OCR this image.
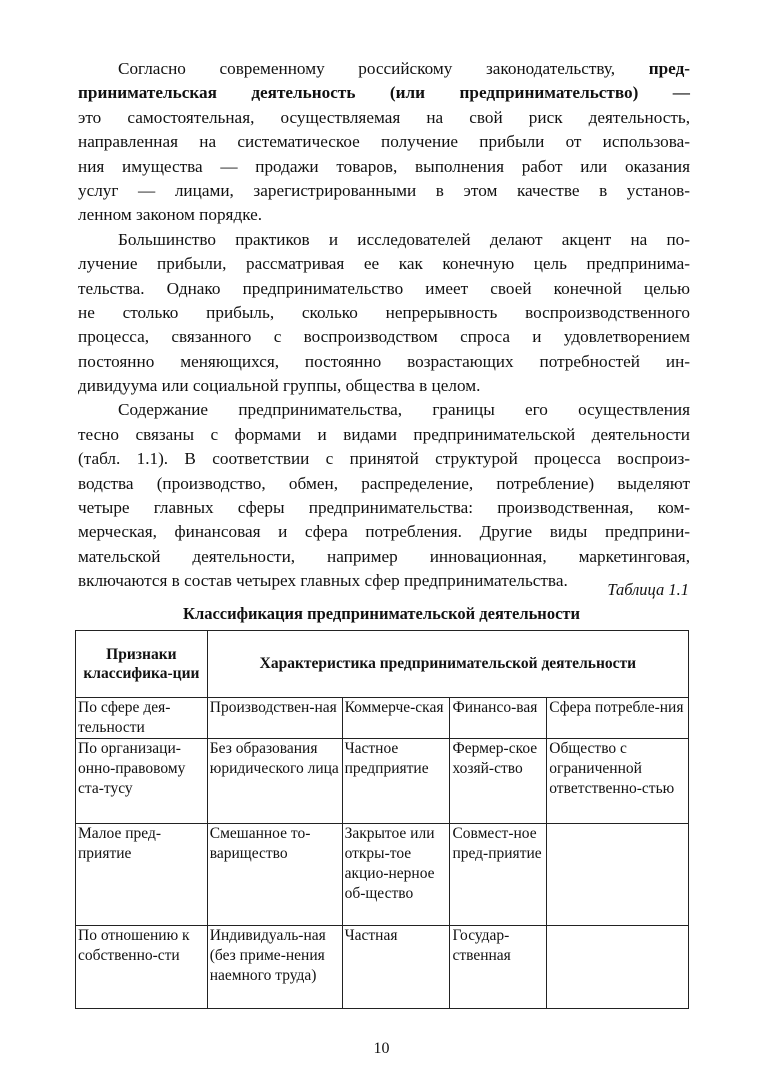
Согласно современному российскому законодательству, пред-
принимательская деятельность (или предпринимательство) —
это самостоятельная, осуществляемая на свой риск деятельность,
направленная на систематическое получение прибыли от использова-
ния имущества — продажи товаров, выполнения работ или оказания
услуг — лицами, зарегистрированными в этом качестве в установ-
ленном законом порядке.
Большинство практиков и исследователей делают акцент на по-
лучение прибыли, рассматривая ее как конечную цель предпринима-
тельства. Однако предпринимательство имеет своей конечной целью
не столько прибыль, сколько непрерывность воспроизводственного
процесса, связанного с воспроизводством спроса и удовлетворением
постоянно меняющихся, постоянно возрастающих потребностей ин-
дивидуума или социальной группы, общества в целом.
Содержание предпринимательства, границы его осуществления
тесно связаны с формами и видами предпринимательской деятельности
(табл. 1.1). В соответствии с принятой структурой процесса воспроиз-
водства (производство, обмен, распределение, потребление) выделяют
четыре главных сферы предпринимательства: производственная, ком-
мерческая, финансовая и сфера потребления. Другие виды предприни-
мательской деятельности, например инновационная, маркетинговая,
включаются в состав четырех главных сфер предпринимательства.	Таблица 1.1
Классификация предпринимательской деятельности
Признаки классифика-ции	Характеристика предпринимательской деятельности			
По сфере дея-тельности	Производствен-ная	Коммерче-ская	Финансо-вая	Сфера потребле-ния
По организаци-онно-правовому ста-тусу	Без образования юридического лица	Частное предприятие	Фермер-ское хозяй-ство	Общество с ограниченной ответственно-стью
Малое пред-приятие	Смешанное то-варищество	Закрытое или откры-тое акцио-нерное об-щество	Совмест-ное пред-приятие	
По отношению к собственно-сти	Индивидуаль-ная (без приме-нения наемного труда)	Частная	Государ-ственная	
10
